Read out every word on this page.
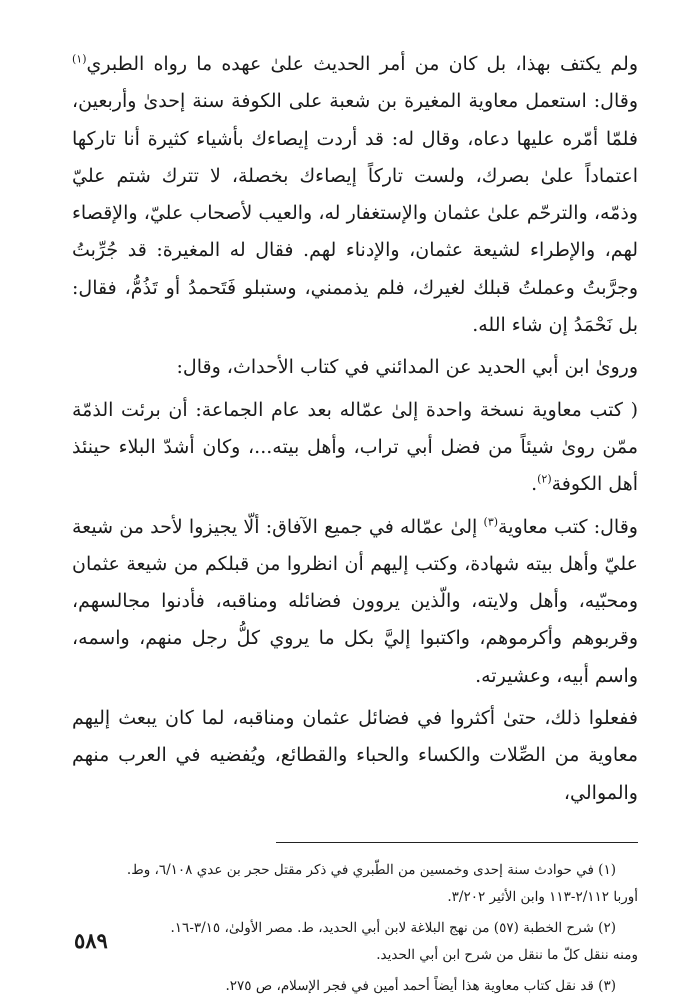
ولم يكتف بهذا، بل كان من أمر الحديث علىٰ عهده ما رواه الطبري$^{(١)}$ وقال: استعمل معاوية المغيرة بن شعبة على الكوفة سنة إحدىٰ وأربعين، فلمّا أمّره عليها دعاه، وقال له: قد أردت إيصاءك بأشياء كثيرة أنا تاركها اعتماداً علىٰ بصرك، ولست تاركاً إيصاءك بخصلة، لا تترك شتم عليّ وذمّه، والترحّم علىٰ عثمان والإستغفار له، والعيب لأصحاب عليّ، والإقصاء لهم، والإطراء لشيعة عثمان، والإدناء لهم. فقال له المغيرة: قد جُرِّبتُ وجرَّبتُ وعملتُ قبلك لغيرك، فلم يذممني، وستبلو فَتَحمدُ أو تَذُمُّ، فقال: بل نَحْمَدُ إن شاء الله.

وروىٰ ابن أبي الحديد عن المدائني في كتاب الأحداث، وقال:

( كتب معاوية نسخة واحدة إلىٰ عمّاله بعد عام الجماعة: أن برئت الذمّة ممّن روىٰ شيئاً من فضل أبي تراب، وأهل بيته...، وكان أشدّ البلاء حينئذ أهل الكوفة$^{(٢)}$.

وقال: كتب معاوية$^{(٣)}$ إلىٰ عمّاله في جميع الآفاق: ألّا يجيزوا لأحد من شيعة عليّ وأهل بيته شهادة، وكتب إليهم أن انظروا من قبلكم من شيعة عثمان ومحبّيه، وأهل ولايته، والّذين يروون فضائله ومناقبه، فأدنوا مجالسهم، وقربوهم وأكرموهم، واكتبوا إليَّ بكل ما يروي كلُّ رجل منهم، واسمه، واسم أبيه، وعشيرته.

ففعلوا ذلك، حتىٰ أكثروا في فضائل عثمان ومناقبه، لما كان يبعث إليهم معاوية من الصِّلات والكساء والحباء والقطائع، ويُفضيه في العرب منهم والموالي،

(١) في حوادث سنة إحدى وخمسين من الطّبري في ذكر مقتل حجر بن عدي ٦/١٠٨، وط.

أوربا ٢/١١٢-١١٣ وابن الأثير ٣/٢٠٢.

(٢) شرح الخطبة (٥٧) من نهج البلاغة لابن أبي الحديد، ط. مصر الأولىٰ، ٣/١٥-١٦.

ومنه ننقل كلّ ما ننقل من شرح ابن أبي الحديد.

(٣) قد نقل كتاب معاوية هذا أيضاً أحمد أمين في فجر الإسلام، ص ٢٧٥.

٥٨٩
